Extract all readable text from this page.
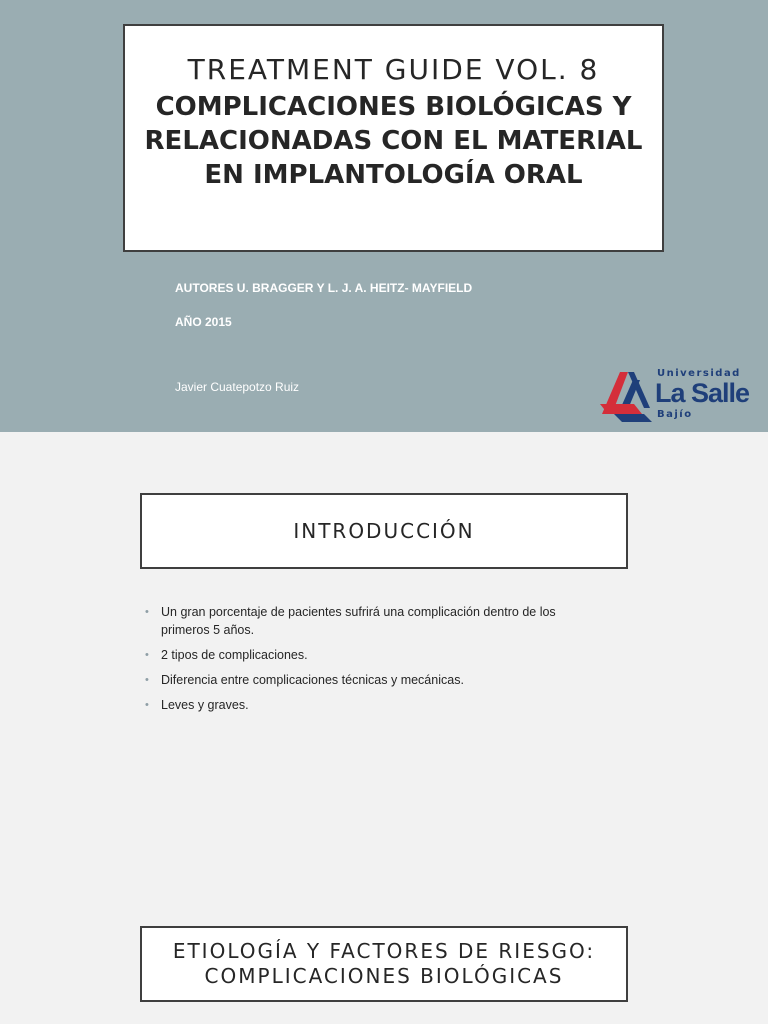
TREATMENT GUIDE VOL. 8
COMPLICACIONES BIOLÓGICAS Y RELACIONADAS CON EL MATERIAL EN IMPLANTOLOGÍA ORAL
AUTORES U. BRAGGER Y L. J. A. HEITZ- MAYFIELD
AÑO 2015
Javier Cuatepotzo Ruiz
Universidad
La Salle
Bajío
INTRODUCCIÓN
• Un gran porcentaje de pacientes sufrirá una complicación dentro de los primeros 5 años.
• 2 tipos de complicaciones.
• Diferencia entre complicaciones técnicas y mecánicas.
• Leves y graves.
ETIOLOGÍA Y FACTORES DE RIESGO:
COMPLICACIONES BIOLÓGICAS
